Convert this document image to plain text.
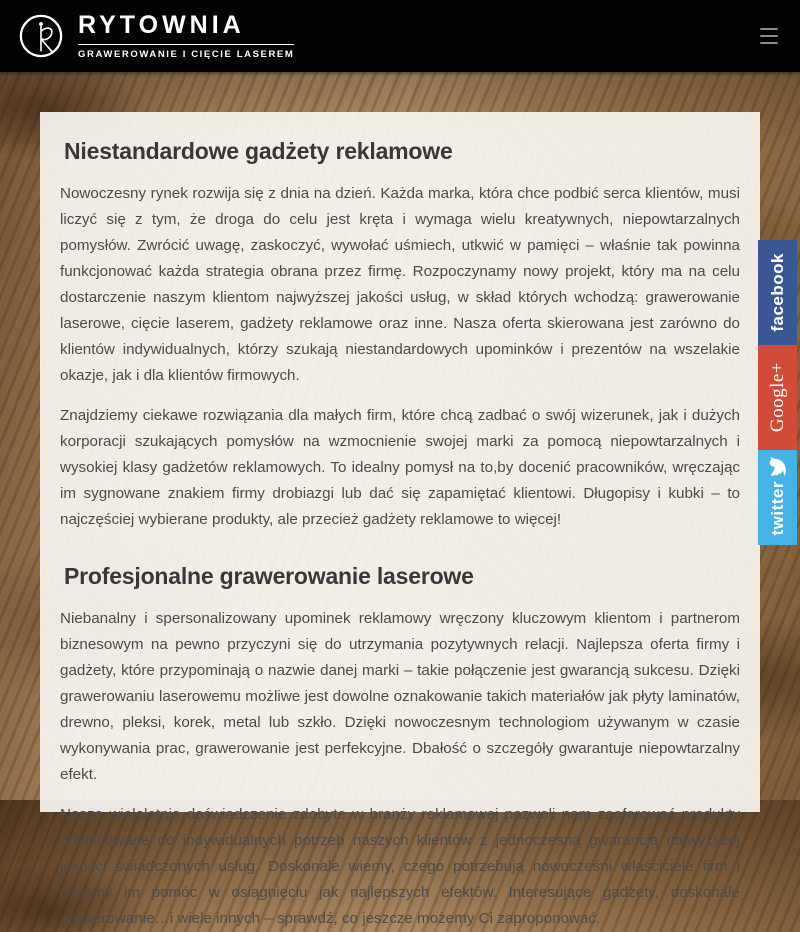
RYTOWNIA
GRAWEROWANIE I CIĘCIE LASEREM
Niestandardowe gadżety reklamowe

Nowoczesny rynek rozwija się z dnia na dzień. Każda marka, która chce podbić serca klientów, musi liczyć się z tym, że droga do celu jest kręta i wymaga wielu kreatywnych, niepowtarzalnych pomysłów. Zwrócić uwagę, zaskoczyć, wywołać uśmiech, utkwić w pamięci – właśnie tak powinna funkcjonować każda strategia obrana przez firmę. Rozpoczynamy nowy projekt, który ma na celu dostarczenie naszym klientom najwyższej jakości usług, w skład których wchodzą: grawerowanie laserowe, cięcie laserem, gadżety reklamowe oraz inne. Nasza oferta skierowana jest zarówno do klientów indywidualnych, którzy szukają niestandardowych upominków i prezentów na wszelakie okazje, jak i dla klientów firmowych.

Znajdziemy ciekawe rozwiązania dla małych firm, które chcą zadbać o swój wizerunek, jak i dużych korporacji szukających pomysłów na wzmocnienie swojej marki za pomocą niepowtarzalnych i wysokiej klasy gadżetów reklamowych. To idealny pomysł na to,by docenić pracowników, wręczając im sygnowane znakiem firmy drobiazgi lub dać się zapamiętać klientowi. Długopisy i kubki – to najczęściej wybierane produkty, ale przecież gadżety reklamowe to więcej!

Profesjonalne grawerowanie laserowe

Niebanalny i spersonalizowany upominek reklamowy wręczony kluczowym klientom i partnerom biznesowym na pewno przyczyni się do utrzymania pozytywnych relacji. Najlepsza oferta firmy i gadżety, które przypominają o nazwie danej marki – takie połączenie jest gwarancją sukcesu. Dzięki grawerowaniu laserowemu możliwe jest dowolne oznakowanie takich materiałów jak płyty laminatów, drewno, pleksi, korek, metal lub szkło. Dzięki nowoczesnym technologiom używanym w czasie wykonywania prac, grawerowanie jest perfekcyjne. Dbałość o szczegóły gwarantuje niepowtarzalny efekt.

Nasze wieloletnie doświadczenie zdobyte w branży reklamowej pozwoli nam zaoferować produkty dostosowane do indywidualnych potrzeb naszych klientów z jednoczesną gwarancją najwyższej jakości świadczonych usług. Doskonale wiemy, czego potrzebują nowocześni właściciele firm i chcemy im pomóc w osiągnięciu jak najlepszych efektów. Interesujące gadżety, doskonałe grawerowanie…i wiele innych – sprawdź, co jeszcze możemy Ci zaproponować.

facebook
Google+
twitter
